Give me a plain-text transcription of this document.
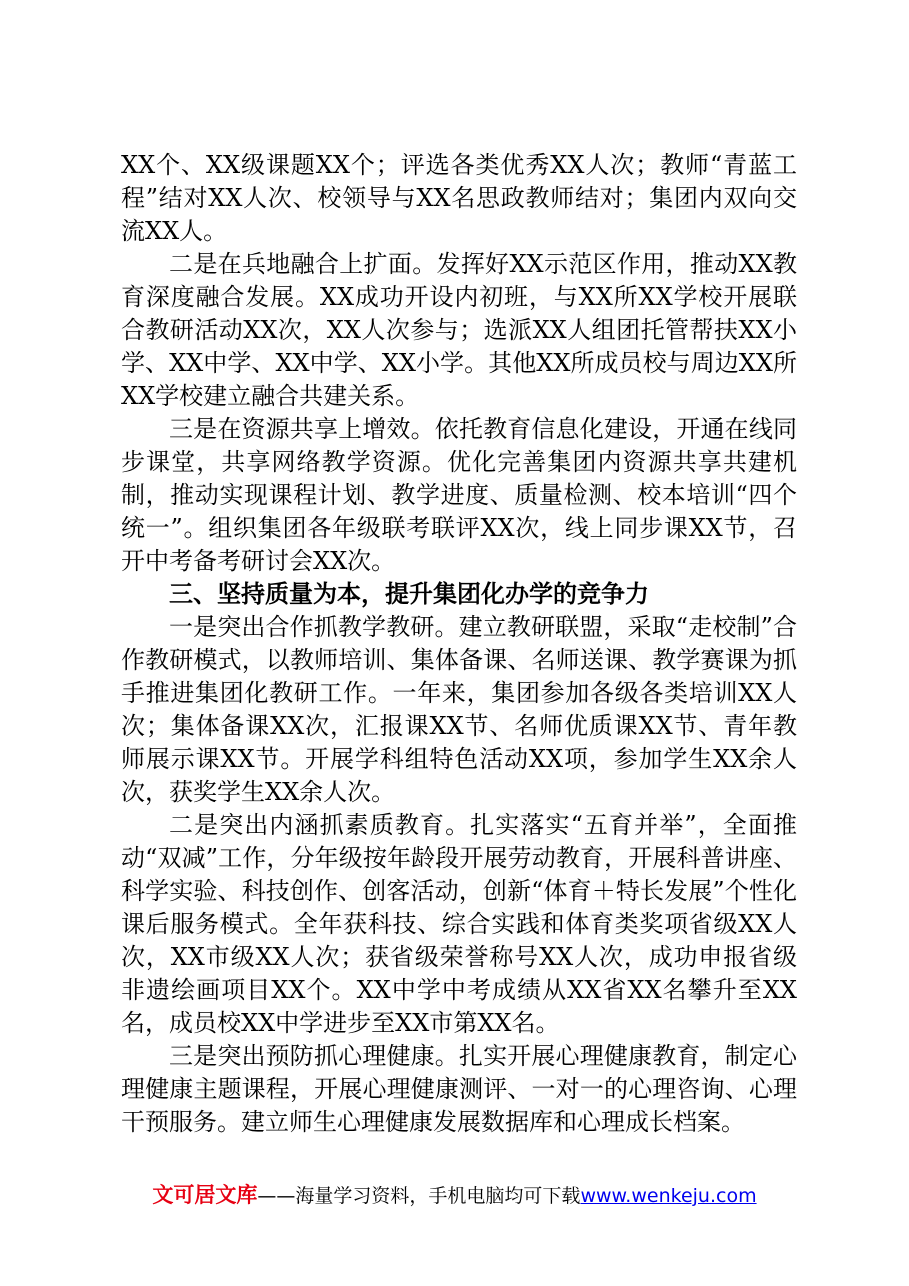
XX个、XX级课题XX个；评选各类优秀XX人次；教师“青蓝工程”结对XX人次、校领导与XX名思政教师结对；集团内双向交流XX人。

二是在兵地融合上扩面。发挥好XX示范区作用，推动XX教育深度融合发展。XX成功开设内初班，与XX所XX学校开展联合教研活动XX次，XX人次参与；选派XX人组团托管帮扶XX小学、XX中学、XX中学、XX小学。其他XX所成员校与周边XX所XX学校建立融合共建关系。

三是在资源共享上增效。依托教育信息化建设，开通在线同步课堂，共享网络教学资源。优化完善集团内资源共享共建机制，推动实现课程计划、教学进度、质量检测、校本培训“四个统一”。组织集团各年级联考联评XX次，线上同步课XX节，召开中考备考研讨会XX次。

三、坚持质量为本，提升集团化办学的竞争力

一是突出合作抓教学教研。建立教研联盟，采取“走校制”合作教研模式，以教师培训、集体备课、名师送课、教学赛课为抓手推进集团化教研工作。一年来，集团参加各级各类培训XX人次；集体备课XX次，汇报课XX节、名师优质课XX节、青年教师展示课XX节。开展学科组特色活动XX项，参加学生XX余人次，获奖学生XX余人次。

二是突出内涵抓素质教育。扎实落实“五育并举”，全面推动“双减”工作，分年级按年龄段开展劳动教育，开展科普讲座、科学实验、科技创作、创客活动，创新“体育＋特长发展”个性化课后服务模式。全年获科技、综合实践和体育类奖项省级XX人次，XX市级XX人次；获省级荣誉称号XX人次，成功申报省级非遗绘画项目XX个。XX中学中考成绩从XX省XX名攀升至XX名，成员校XX中学进步至XX市第XX名。

三是突出预防抓心理健康。扎实开展心理健康教育，制定心理健康主题课程，开展心理健康测评、一对一的心理咨询、心理干预服务。建立师生心理健康发展数据库和心理成长档案。

文可居文库——海量学习资料，手机电脑均可下载www.wenkeju.com
